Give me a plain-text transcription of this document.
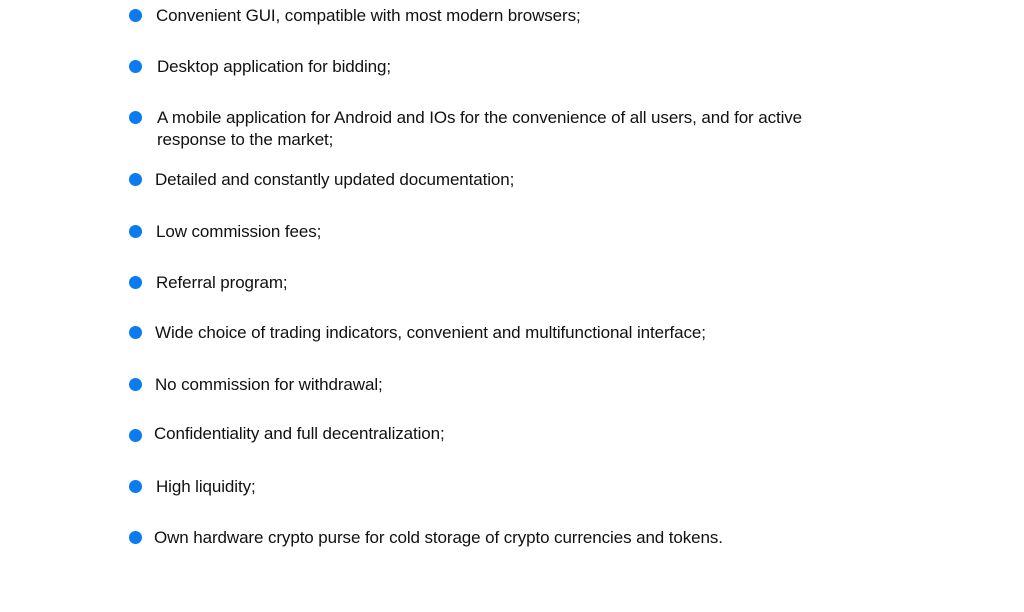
Convenient GUI, compatible with most modern browsers;
Desktop application for bidding;
A mobile application for Android and IOs for the convenience of all users, and for active response to the market;
Detailed and constantly updated documentation;
Low commission fees;
Referral program;
Wide choice of trading indicators, convenient and multifunctional interface;
No commission for withdrawal;
Confidentiality and full decentralization;
High liquidity;
Own hardware crypto purse for cold storage of crypto currencies and tokens.
